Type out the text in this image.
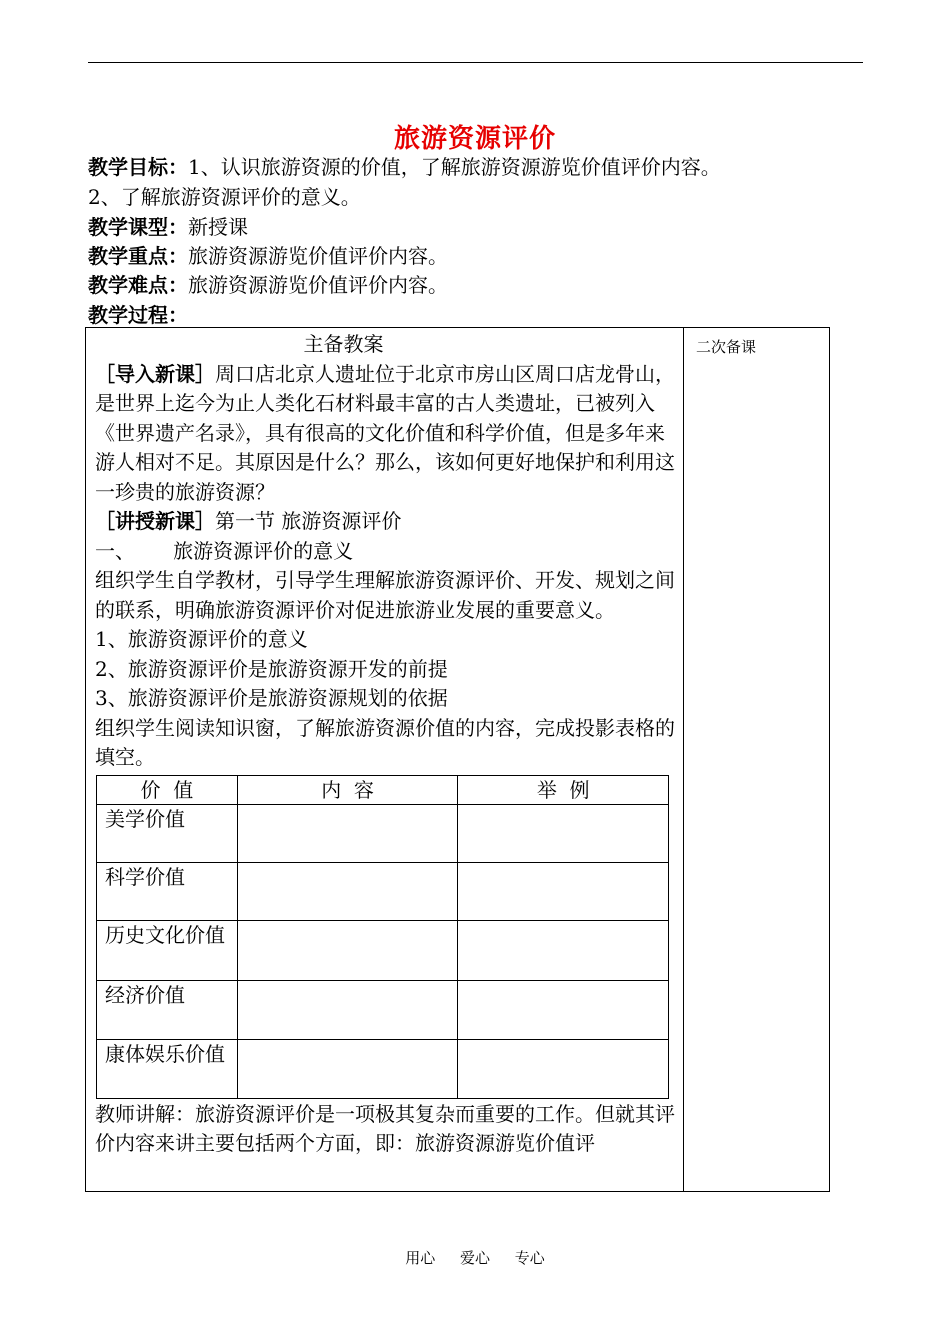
旅游资源评价
教学目标：1、认识旅游资源的价值，了解旅游资源游览价值评价内容。
2、了解旅游资源评价的意义。
教学课型：新授课
教学重点：旅游资源游览价值评价内容。
教学难点：旅游资源游览价值评价内容。
教学过程：
二次备课

主备教案

［导入新课］周口店北京人遗址位于北京市房山区周口店龙骨山，是世界上迄今为止人类化石材料最丰富的古人类遗址，已被列入《世界遗产名录》，具有很高的文化价值和科学价值，但是多年来游人相对不足。其原因是什么？那么，该如何更好地保护和利用这一珍贵的旅游资源？

［讲授新课］第一节 旅游资源评价

一、      旅游资源评价的意义

组织学生自学教材，引导学生理解旅游资源评价、开发、规划之间的联系，明确旅游资源评价对促进旅游业发展的重要意义。

1、旅游资源评价的意义

2、旅游资源评价是旅游资源开发的前提

3、旅游资源评价是旅游资源规划的依据

组织学生阅读知识窗，了解旅游资源价值的内容，完成投影表格的填空。

价  值	内  容	举  例
美学价值		
科学价值		
历史文化价值		
经济价值		
康体娱乐价值		

教师讲解：旅游资源评价是一项极其复杂而重要的工作。但就其评价内容来讲主要包括两个方面，即：旅游资源游览价值评

用心 爱心 专心
